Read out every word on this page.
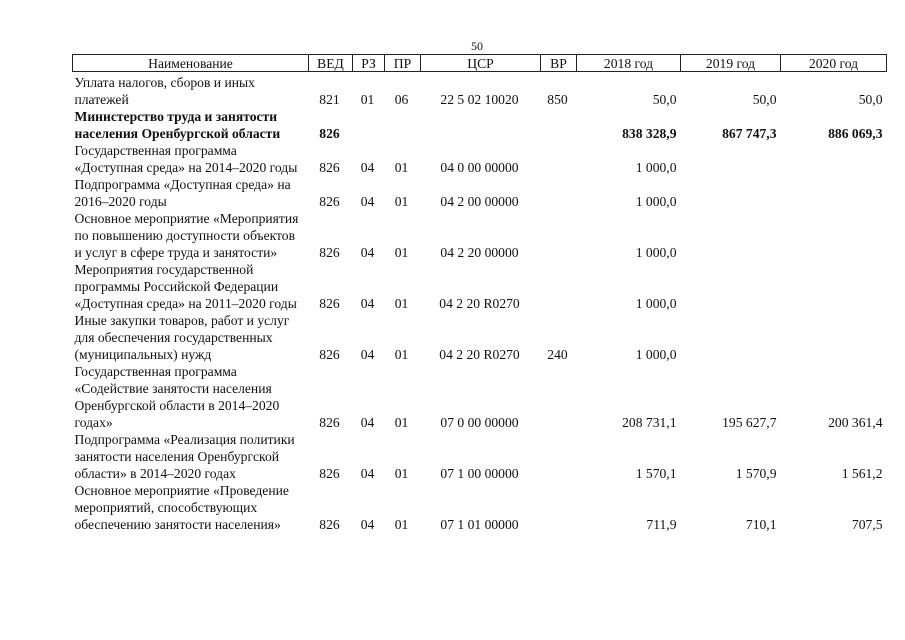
50
Наименование	ВЕД	РЗ	ПР	ЦСР	ВР	2018 год	2019 год	2020 год
Уплата налогов, сборов и иных платежей	821	01	06	22 5 02 10020	850	50,0	50,0	50,0
Министерство труда и занятости населения Оренбургской области	826					838 328,9	867 747,3	886 069,3
Государственная программа «Доступная среда» на 2014–2020 годы	826	04	01	04 0 00 00000		1 000,0		
Подпрограмма «Доступная среда» на 2016–2020 годы	826	04	01	04 2 00 00000		1 000,0		
Основное мероприятие «Мероприятия по повышению доступности объектов и услуг в сфере труда и занятости»	826	04	01	04 2 20 00000		1 000,0		
Мероприятия государственной программы Российской Федерации «Доступная среда» на 2011–2020 годы	826	04	01	04 2 20 R0270		1 000,0		
Иные закупки товаров, работ и услуг для обеспечения государственных (муниципальных) нужд	826	04	01	04 2 20 R0270	240	1 000,0		
Государственная программа «Содействие занятости населения Оренбургской области в 2014–2020 годах»	826	04	01	07 0 00 00000		208 731,1	195 627,7	200 361,4
Подпрограмма «Реализация политики занятости населения Оренбургской области» в 2014–2020 годах	826	04	01	07 1 00 00000		1 570,1	1 570,9	1 561,2
Основное мероприятие «Проведение мероприятий, способствующих обеспечению занятости населения»	826	04	01	07 1 01 00000		711,9	710,1	707,5
